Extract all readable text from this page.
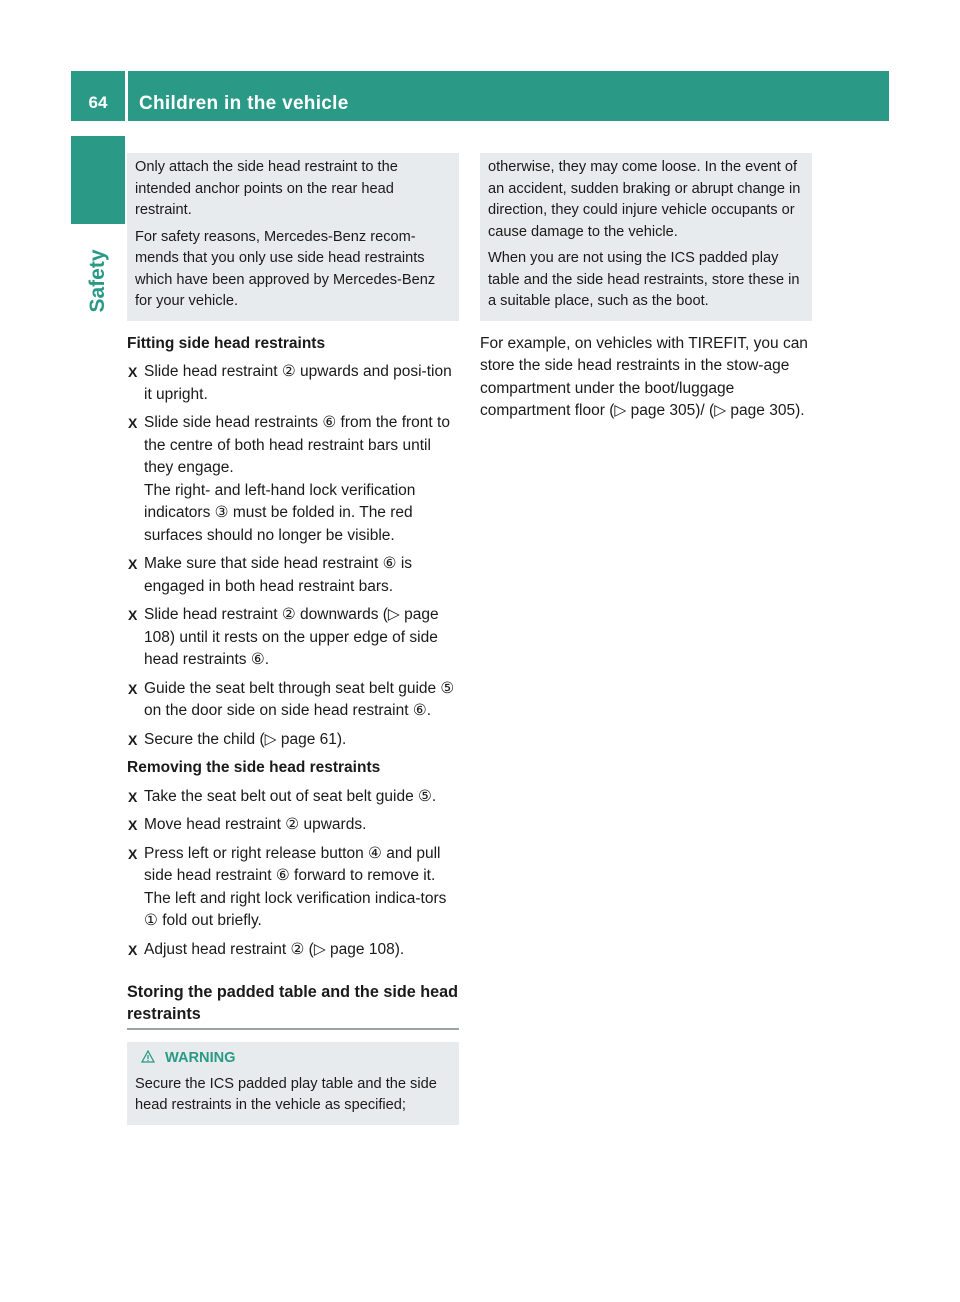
64	Children in the vehicle
Safety

Only attach the side head restraint to the intended anchor points on the rear head restraint.

For safety reasons, Mercedes-Benz recom-mends that you only use side head restraints which have been approved by Mercedes-Benz for your vehicle.

Fitting side head restraints
X Slide head restraint ② upwards and posi-tion it upright.
X Slide side head restraints ⑥ from the front to the centre of both head restraint bars until they engage.
The right- and left-hand lock verification indicators ③ must be folded in. The red surfaces should no longer be visible.
X Make sure that side head restraint ⑥ is engaged in both head restraint bars.
X Slide head restraint ② downwards (▷ page 108) until it rests on the upper edge of side head restraints ⑥.
X Guide the seat belt through seat belt guide ⑤ on the door side on side head restraint ⑥.
X Secure the child (▷ page 61).
Removing the side head restraints
X Take the seat belt out of seat belt guide ⑤.
X Move head restraint ② upwards.
X Press left or right release button ④ and pull side head restraint ⑥ forward to remove it.
The left and right lock verification indica-tors ① fold out briefly.
X Adjust head restraint ② (▷ page 108).
Storing the padded table and the side head restraints
WARNING

Secure the ICS padded play table and the side head restraints in the vehicle as specified;

otherwise, they may come loose. In the event of an accident, sudden braking or abrupt change in direction, they could injure vehicle occupants or cause damage to the vehicle.

When you are not using the ICS padded play table and the side head restraints, store these in a suitable place, such as the boot.

For example, on vehicles with TIREFIT, you can store the side head restraints in the stow-age compartment under the boot/luggage compartment floor (▷ page 305)/ (▷ page 305).
